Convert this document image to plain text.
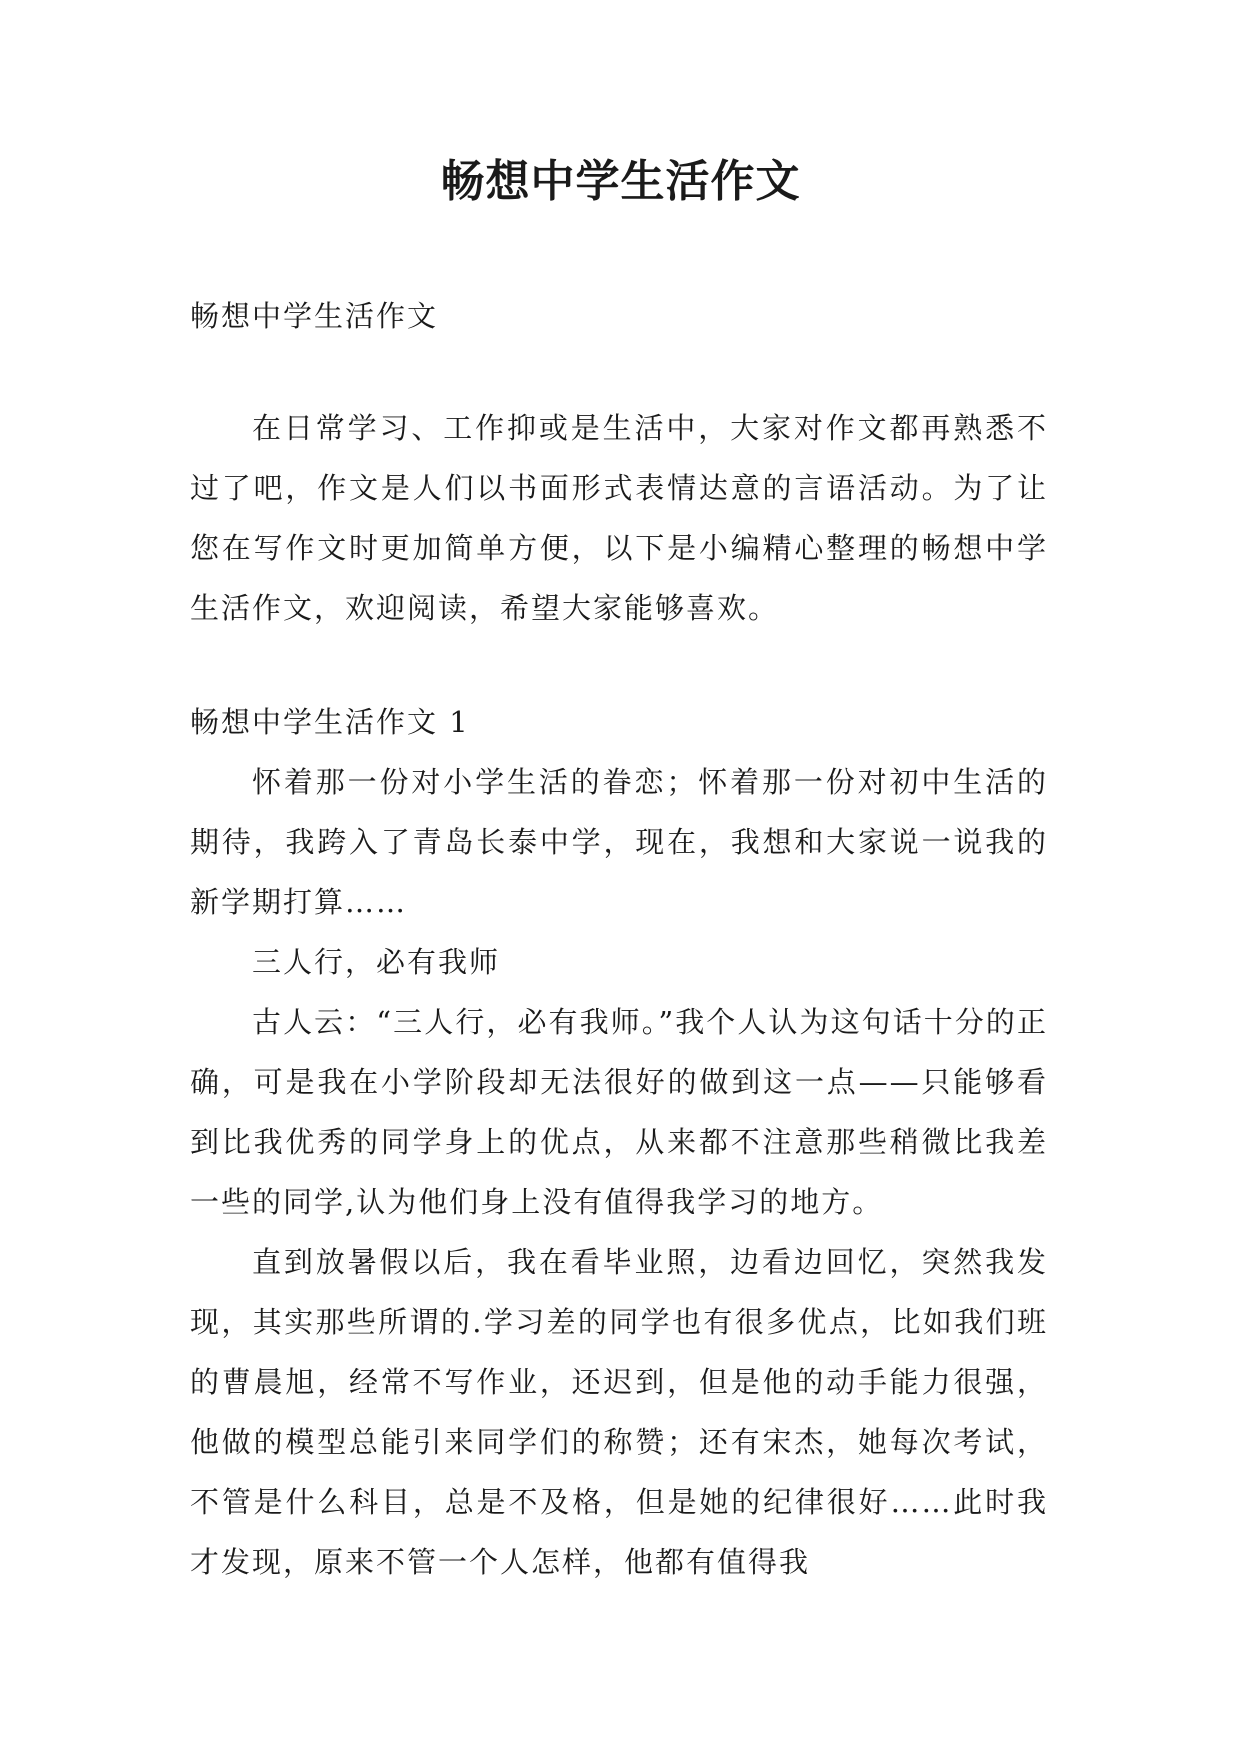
畅想中学生活作文

畅想中学生活作文

在日常学习、工作抑或是生活中，大家对作文都再熟悉不过了吧，作文是人们以书面形式表情达意的言语活动。为了让您在写作文时更加简单方便，以下是小编精心整理的畅想中学生活作文，欢迎阅读，希望大家能够喜欢。

畅想中学生活作文 1

怀着那一份对小学生活的眷恋；怀着那一份对初中生活的期待，我跨入了青岛长泰中学，现在，我想和大家说一说我的新学期打算……

三人行，必有我师

古人云：“三人行，必有我师。”我个人认为这句话十分的正确，可是我在小学阶段却无法很好的做到这一点——只能够看到比我优秀的同学身上的优点，从来都不注意那些稍微比我差一些的同学,认为他们身上没有值得我学习的地方。

直到放暑假以后，我在看毕业照，边看边回忆，突然我发现，其实那些所谓的.学习差的同学也有很多优点，比如我们班的曹晨旭，经常不写作业，还迟到，但是他的动手能力很强，他做的模型总能引来同学们的称赞；还有宋杰，她每次考试，不管是什么科目，总是不及格，但是她的纪律很好……此时我才发现，原来不管一个人怎样，他都有值得我
